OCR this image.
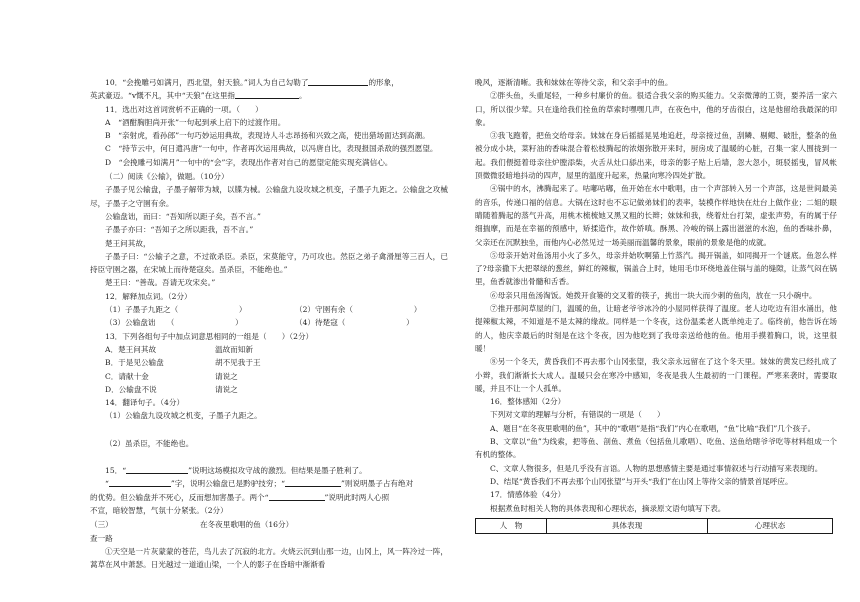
10．“会挽雕弓如满月，西北望，射天狼。”词人为自己勾勒了	的形象，

英武豪迈。“v慨不凡，其中“天狼”在这里指	。

11．选出对这首词赏析不正确的一项。（　　）

A　“酒酣胸胆尚开张”一句起到承上启下的过渡作用。

B　“亲射虎，看孙郎”一句巧妙运用典故，表现诗人斗志昂扬和兴致之高，使出猎场面达到高潮。

C　“持节云中，何日遣冯唐”一句中，作者再次运用典故，以冯唐自比，表现报国杀敌的强烈愿望。

D　“会挽雕弓如满月”一句中的“会”字，表现出作者对自己的愿望定能实现充满信心。

（二）阅读《公输》，做题。（10分）

子墨子见公输盘，子墨子解带为城，以牒为械。公输盘九设攻城之机变，子墨子九距之。公输盘之攻械尽，子墨子之守圉有余。

公输盘诎，而曰：“吾知所以距子矣，吾不言。”

子墨子亦曰：“吾知子之所以距我，吾不言。”

楚王问其故，

子墨子曰：“公输子之意，不过欲杀臣。杀臣，宋莫能守，乃可攻也。然臣之弟子禽滑厘等三百人，已持臣守圉之器，在宋城上而待楚寇矣。虽杀臣，不能绝也。”

楚王曰：“善哉。吾请无攻宋矣。”

12．解释加点词。（2分）

（1）子墨子九距之（　　　　　　　　）	（2）守圉有余（　　　　　　　　）

（3）公输盘诎　　（　　　　　　　　）	（4）待楚寇（　　　　　　　　）

13．下列各组句子中加点词意思相同的一组是（　　）（2分）

A．楚王问其故	温故而知新

B．于是见公输盘	胡不见我于王

C．请献十金	请说之

D．公输盘不说	请说之

14．翻译句子。（4分）

（1）公输盘九设攻城之机变，子墨子九距之。

（2）虽杀臣，不能绝也。

15．“	”说明这场模拟攻守战的激烈。但结果是墨子胜利了。

“	”字，说明公输盘已是黔驴技穷；“	”则说明墨子占有绝对

的优势。但公输盘并不死心，反而想加害墨子。两个“	”说明此时两人心照

不宣，暗较智慧，气氛十分紧张。（2分）

（三）	在冬夜里歌唱的鱼（16分）

查一路

①天空是一片灰蒙蒙的苍茫，鸟儿去了沉寂的北方。火烧云沉到山那一边，山冈上，风一阵冷过一阵，蒿草在风中萧瑟。日光越过一道道山梁，一个人的影子在昏暗中渐渐看

晚风，逐渐清晰。我和妹妹在等待父亲，和父亲手中的鱼。

②胖头鱼，头重尾轻，一种乡村廉价的鱼。很适合我父亲的购买能力。父亲微薄的工资，要养活一家六口，所以很少荤。只在逢给我们拴鱼的草索时嘿嘿几声，在夜色中，他的牙齿很白，这是他留给我最深的印象。

③我飞跑着，把鱼交给母亲。妹妹在身后摇摇晃晃地追赶，母亲接过鱼，刮鳞、剔鳃、破肚，整条的鱼被分成小块，菜籽油的香味混合着松枝腾起的浓烟弥散开来时，厨房成了温暖的心脏，召集一家人围拢到一起。我们偎挺着母亲往炉膛添柴，火舌从灶口舔出来，母亲的影子贴上后墙，忽大忽小，斑驳摇曳，冒风帐顶微微驳暗地抖动的四声，屋里的温度升起来，热量向寒冷四处扩散。

④锅中的水，沸腾起来了。咕嘟咕嘟，鱼开始在水中歌唱，由一个声部转入另一个声部，这是世间最美的音乐，传递口福的信息。大锅在这时也不忘记做弟妹们的表率，装模作样地快在灶台上做作业；二姐的眼睛随着腾起的蒸气升高，用桃木梳梳她又黑又粗的长辫；妹妹和我，绕着灶台打架，虚张声势，有的属于仔细揣摩，而是在幸福的预感中，矫揉造作，故作娇嗔。酥黑、冷峻的锅上露出滋滋的水泡，鱼的香味扑鼻，父亲还在沉默独坐，而他内心必然见过一场美丽而温馨的景象，眼前的景象是他的成就。

⑤母亲开始对鱼汤用小火了多久，母亲并始吹啊猫上竹蒸汽。揭开锅盖，如同揭开一个谜底。鱼忽么样了?母亲撒下大把翠绿的葱丝，鲜红的辣椒，锅盖合上时，她用毛巾环绕地盖住锅与盖的缝隙，让蒸气闷在锅里，鱼香就渗出骨髓和舌香。

⑥母亲只用鱼汤淘饭。她拨开食篓的交叉着的筷子，挑出一块大而少刺的鱼肉，放在一只小碗中。

⑦推开那间草屋的门，温暖的鱼，让暗老爷爷冰冷的小屋同样获得了温度。老人边吃边有泪水涌出，他提辣椒太辣，不知道是不是太辣的缘故。同样是一个冬夜，这份温柔老人既单纯走了。临终前，他告诉在场的人，他庆幸最后的时刻是在这个冬夜，因为他吃到了我母亲送给他的鱼。他用手摸着胸口，说，这里很暖！

⑧另一个冬天，黄昏我们不再去那个山冈张望，我父亲永远留在了这个冬天里。妹妹的黄发已经扎成了小辫，我们渐渐长大成人。温暖只会在寒冷中感知，冬夜是我人生最初的一门课程。严寒来袭时，需要取暖，并且不让一个人孤单。

16．整体感知（2分）

下列对文章的理解与分析，有错误的一项是（　　）

A、题目“在冬夜里歌唱的鱼”，其中的“歌唱”是指“我们”内心在歌唱，“鱼”比喻“我们”几个孩子。

B、文章以“鱼”为线索，把等鱼、剖鱼、煮鱼（包括鱼儿歌唱）、吃鱼、送鱼给瞎爷爷吃等材料组成一个有机的整体。

C、文章人物很多，但是几乎没有言语。人物的思想感情主要是通过事情叙述与行动描写来表现的。

D、结尾“黄昏我们不再去那个山冈张望”与开头“我们”在山冈上等待父亲的情景首尾呼应。

17．情感体验（4分）

根据煮鱼时相关人物的具体表现和心理状态，摘录原文语句填写下表。

人　物	具体表现	心理状态
